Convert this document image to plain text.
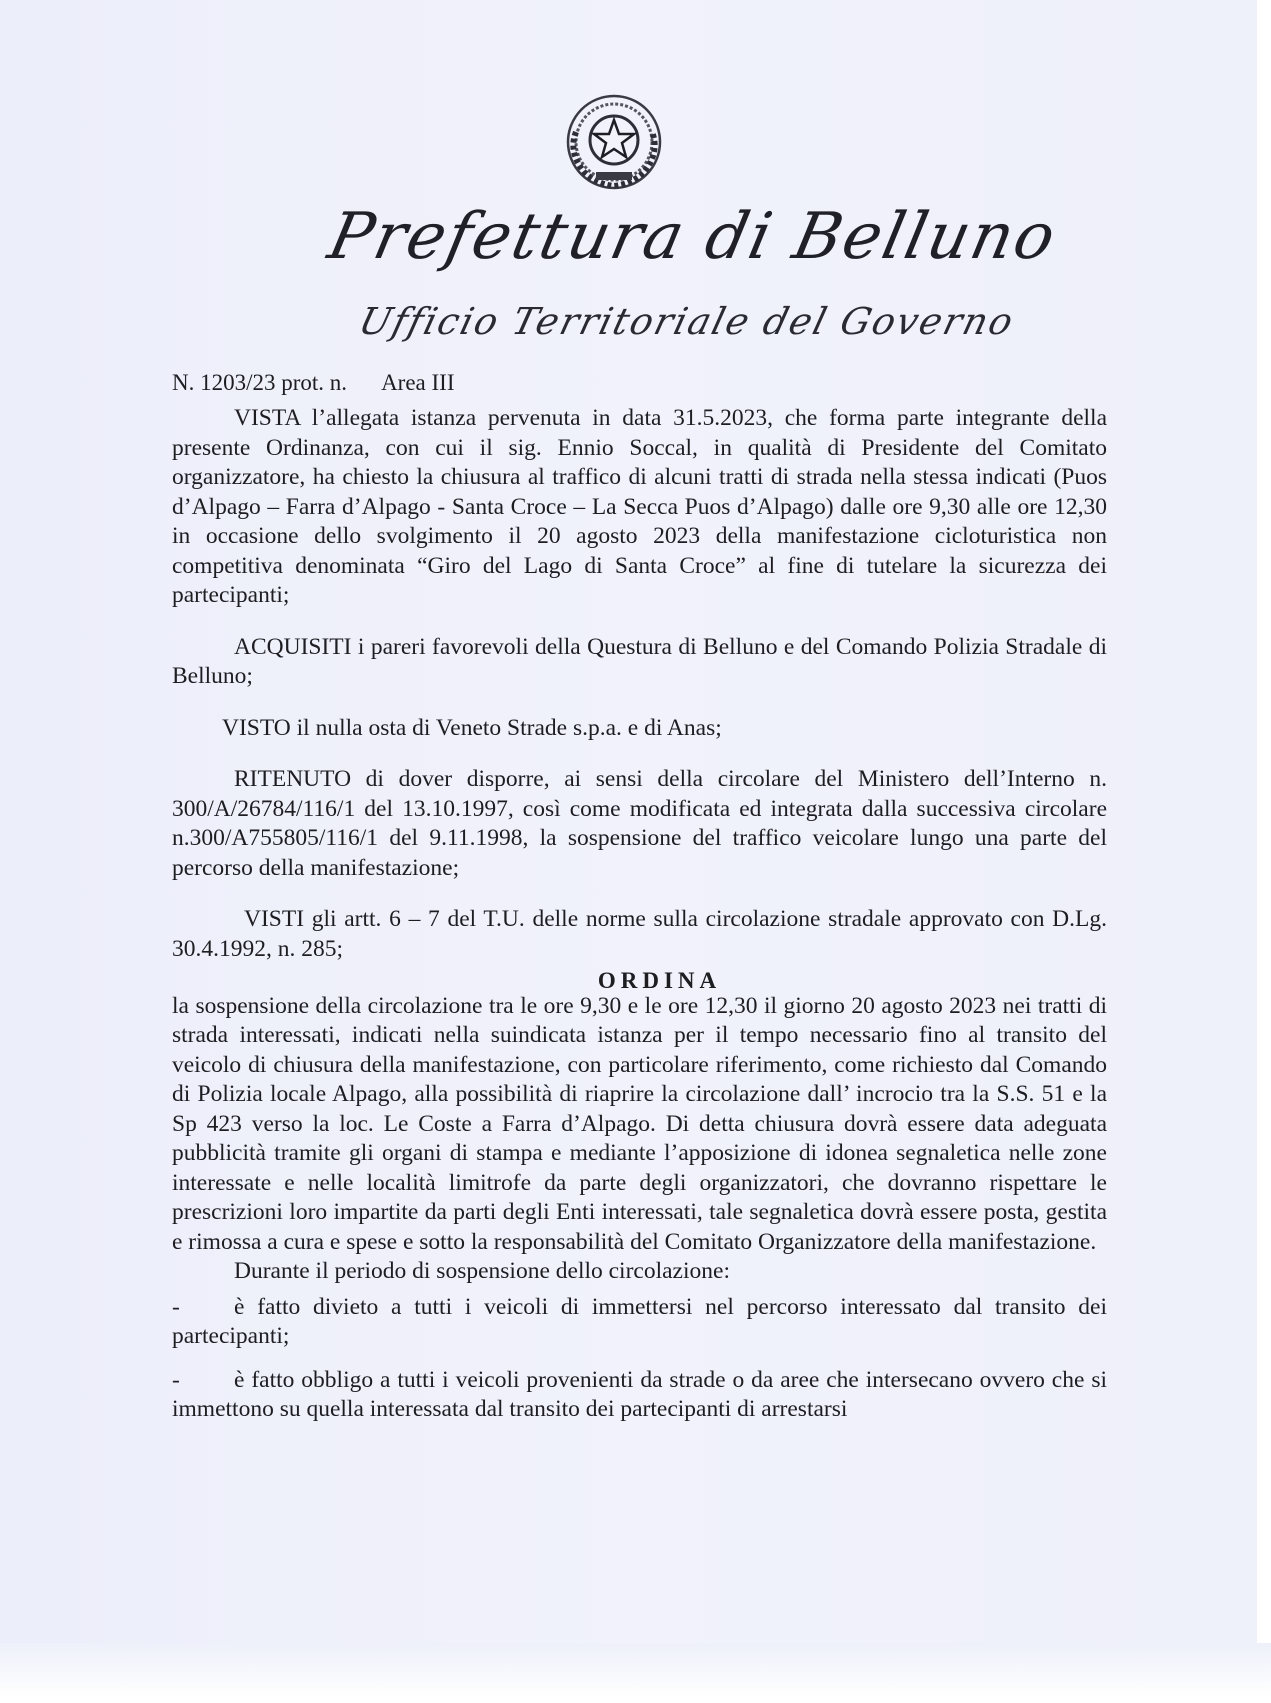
Prefettura di Belluno
Ufficio Territoriale del Governo
N. 1203/23 prot. n. Area III

VISTA l’allegata istanza pervenuta in data 31.5.2023, che forma parte integrante della presente Ordinanza, con cui il sig. Ennio Soccal, in qualità di Presidente del Comitato organizzatore, ha chiesto la chiusura al traffico di alcuni tratti di strada nella stessa indicati (Puos d’Alpago – Farra d’Alpago - Santa Croce – La Secca Puos d’Alpago) dalle ore 9,30 alle ore 12,30 in occasione dello svolgimento il 20 agosto 2023 della manifestazione cicloturistica non competitiva denominata “Giro del Lago di Santa Croce” al fine di tutelare la sicurezza dei partecipanti;

ACQUISITI i pareri favorevoli della Questura di Belluno e del Comando Polizia Stradale di Belluno;

VISTO il nulla osta di Veneto Strade s.p.a. e di Anas;

RITENUTO di dover disporre, ai sensi della circolare del Ministero dell’Interno n. 300/A/26784/116/1 del 13.10.1997, così come modificata ed integrata dalla successiva circolare n.300/A755805/116/1 del 9.11.1998, la sospensione del traffico veicolare lungo una parte del percorso della manifestazione;

VISTI gli artt. 6 – 7 del T.U. delle norme sulla circolazione stradale approvato con D.Lg. 30.4.1992, n. 285;

ORDINA

la sospensione della circolazione tra le ore 9,30 e le ore 12,30 il giorno 20 agosto 2023 nei tratti di strada interessati, indicati nella suindicata istanza per il tempo necessario fino al transito del veicolo di chiusura della manifestazione, con particolare riferimento, come richiesto dal Comando di Polizia locale Alpago, alla possibilità di riaprire la circolazione dall’ incrocio tra la S.S. 51 e la Sp 423 verso la loc. Le Coste a Farra d’Alpago. Di detta chiusura dovrà essere data adeguata pubblicità tramite gli organi di stampa e mediante l’apposizione di idonea segnaletica nelle zone interessate e nelle località limitrofe da parte degli organizzatori, che dovranno rispettare le prescrizioni loro impartite da parti degli Enti interessati, tale segnaletica dovrà essere posta, gestita e rimossa a cura e spese e sotto la responsabilità del Comitato Organizzatore della manifestazione.

Durante il periodo di sospensione dello circolazione:

- è fatto divieto a tutti i veicoli di immettersi nel percorso interessato dal transito dei partecipanti;

- è fatto obbligo a tutti i veicoli provenienti da strade o da aree che intersecano ovvero che si immettono su quella interessata dal transito dei partecipanti di arrestarsi
